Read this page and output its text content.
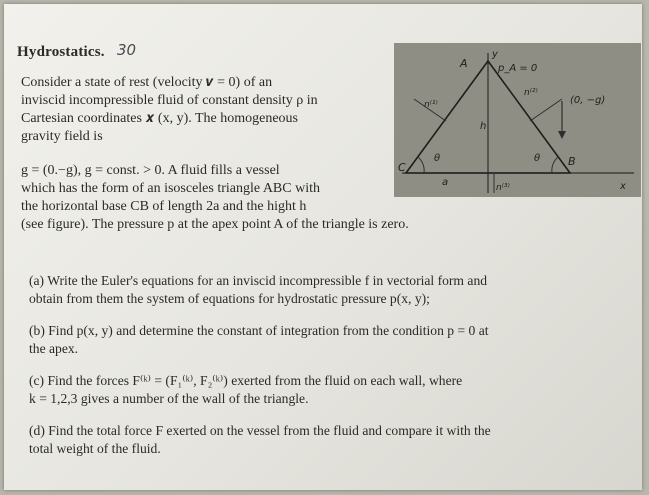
Hydrostatics. 30
Consider a state of rest (velocity 𝒗 = 0) of an
inviscid incompressible fluid of constant density ρ in
Cartesian coordinates 𝒙 (x, y). The homogeneous
gravity field is
g = (0.−g), g = const. > 0. A fluid fills a vessel
which has the form of an isosceles triangle ABC with
the horizontal base CB of length 2a and the hight h
(see figure). The pressure p at the apex point A of the triangle is zero.
A
y
p_A = 0
n⁽¹⁾
n⁽²⁾
(0, −g)
h
θ	θ
C	B
a	n⁽³⁾	x
(a) Write the Euler's equations for an inviscid incompressible f in vectorial form and
obtain from them the system of equations for hydrostatic pressure p(x, y);
(b) Find p(x, y) and determine the constant of integration from the condition p = 0 at
the apex.
(c) Find the forces F⁽ᵏ⁾ = (F₁⁽ᵏ⁾, F₂⁽ᵏ⁾) exerted from the fluid on each wall, where
k = 1,2,3 gives a number of the wall of the triangle.
(d) Find the total force F exerted on the vessel from the fluid and compare it with the
total weight of the fluid.
